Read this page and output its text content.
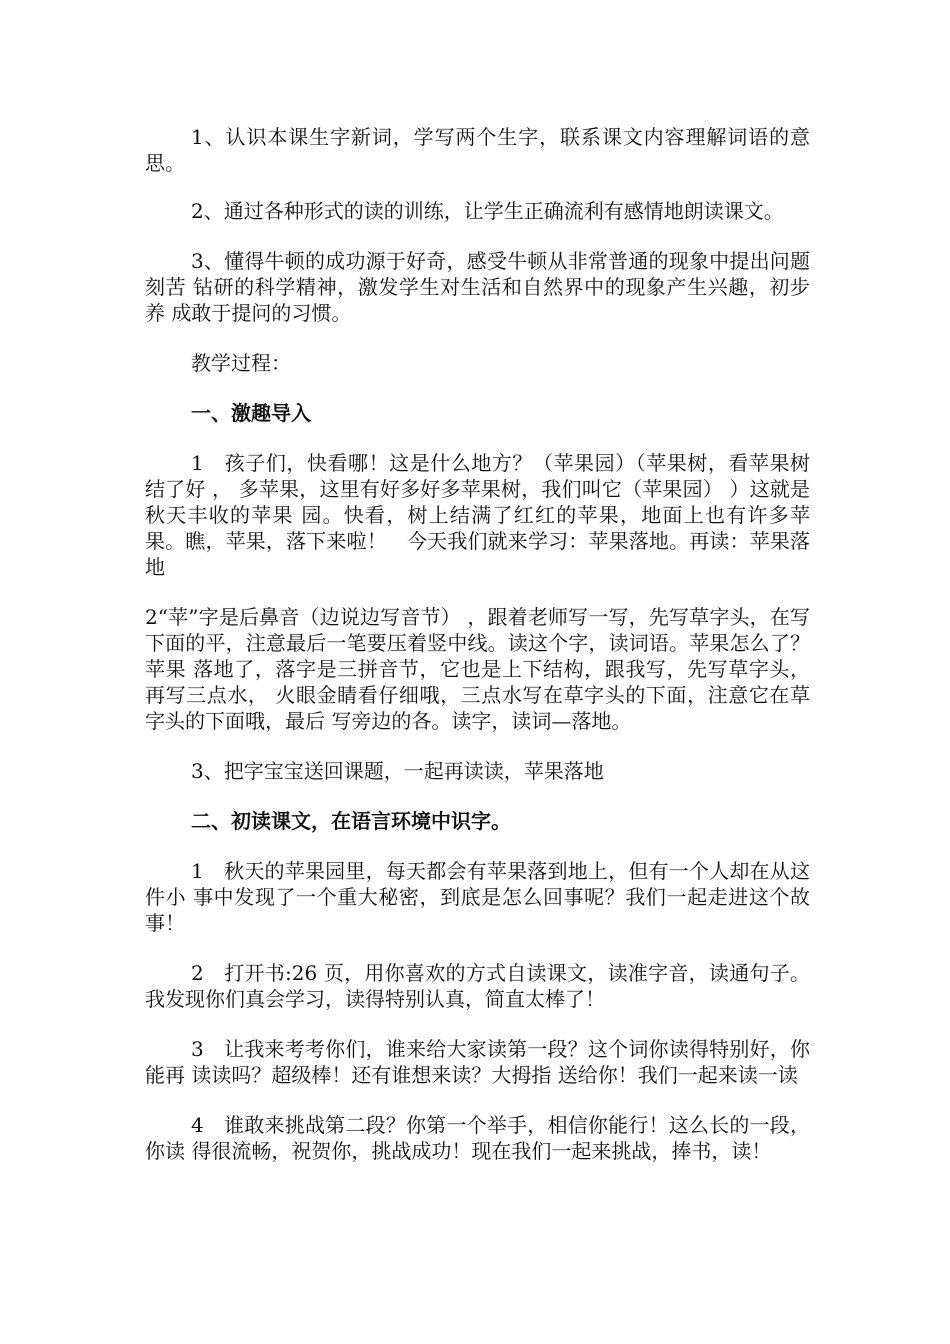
1、认识本课生字新词，学写两个生字，联系课文内容理解词语的意思。

2、通过各种形式的读的训练，让学生正确流利有感情地朗读课文。

3、懂得牛顿的成功源于好奇，感受牛顿从非常普通的现象中提出问题刻苦 钻研的科学精神，激发学生对生活和自然界中的现象产生兴趣，初步养 成敢于提问的习惯。

教学过程：

一、激趣导入

1　孩子们，快看哪！这是什么地方？（苹果园）（苹果树，看苹果树结了好 ， 多苹果，这里有好多好多苹果树，我们叫它（苹果园） ）这就是秋天丰收的苹果 园。快看，树上结满了红红的苹果，地面上也有许多苹果。瞧，苹果，落下来啦！　今天我们就来学习：苹果落地。再读：苹果落地

2“苹”字是后鼻音（边说边写音节） ，跟着老师写一写，先写草字头，在写 下面的平，注意最后一笔要压着竖中线。读这个字，读词语。苹果怎么了？苹果 落地了，落字是三拼音节，它也是上下结构，跟我写，先写草字头，再写三点水， 火眼金睛看仔细哦，三点水写在草字头的下面，注意它在草字头的下面哦，最后 写旁边的各。读字，读词—落地。

3、把字宝宝送回课题，一起再读读，苹果落地

二、初读课文，在语言环境中识字。

1　秋天的苹果园里，每天都会有苹果落到地上，但有一个人却在从这件小 事中发现了一个重大秘密，到底是怎么回事呢？我们一起走进这个故事！

2　打开书:26 页，用你喜欢的方式自读课文，读准字音，读通句子。 我发现你们真会学习，读得特别认真，简直太棒了！

3　让我来考考你们，谁来给大家读第一段？这个词你读得特别好，你能再 读读吗？超级棒！还有谁想来读？大拇指 送给你！我们一起来读一读

4　谁敢来挑战第二段？你第一个举手，相信你能行！这么长的一段，你读 得很流畅，祝贺你，挑战成功！现在我们一起来挑战，捧书，读！
